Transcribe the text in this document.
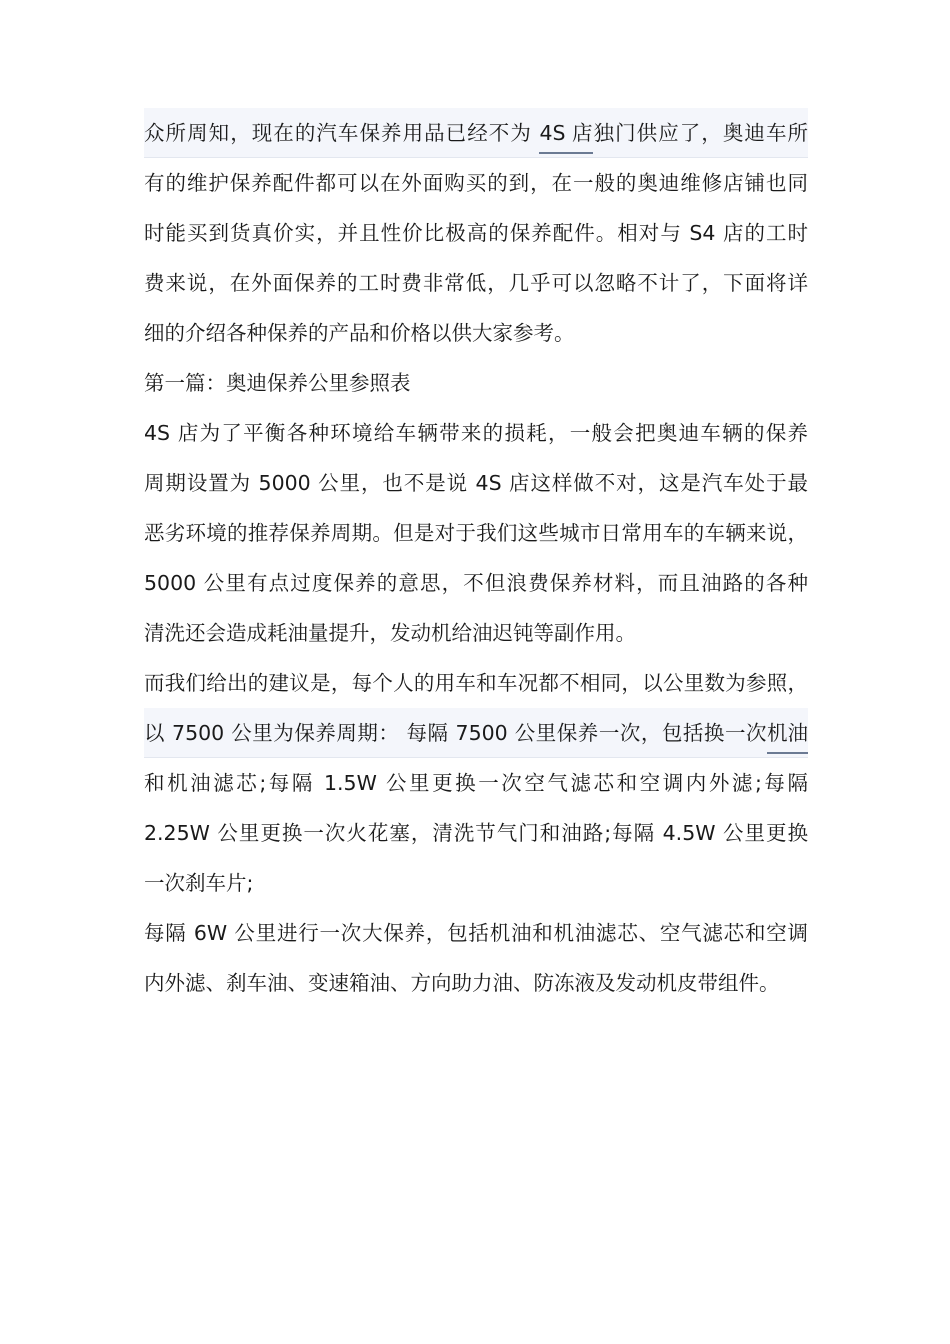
众所周知，现在的汽车保养用品已经不为 4S 店独门供应了，奥迪车所
有的维护保养配件都可以在外面购买的到，在一般的奥迪维修店铺也同
时能买到货真价实，并且性价比极高的保养配件。相对与 S4 店的工时
费来说，在外面保养的工时费非常低，几乎可以忽略不计了，下面将详
细的介绍各种保养的产品和价格以供大家参考。

第一篇：奥迪保养公里参照表

4S 店为了平衡各种环境给车辆带来的损耗，一般会把奥迪车辆的保养
周期设置为 5000 公里，也不是说 4S 店这样做不对，这是汽车处于最
恶劣环境的推荐保养周期。但是对于我们这些城市日常用车的车辆来说，
5000 公里有点过度保养的意思，不但浪费保养材料，而且油路的各种
清洗还会造成耗油量提升，发动机给油迟钝等副作用。

而我们给出的建议是，每个人的用车和车况都不相同，以公里数为参照，
以 7500 公里为保养周期： 每隔 7500 公里保养一次，包括换一次机油
和机油滤芯;每隔 1.5W 公里更换一次空气滤芯和空调内外滤;每隔
2.25W 公里更换一次火花塞，清洗节气门和油路;每隔 4.5W 公里更换
一次刹车片;

每隔 6W 公里进行一次大保养，包括机油和机油滤芯、空气滤芯和空调
内外滤、刹车油、变速箱油、方向助力油、防冻液及发动机皮带组件。
